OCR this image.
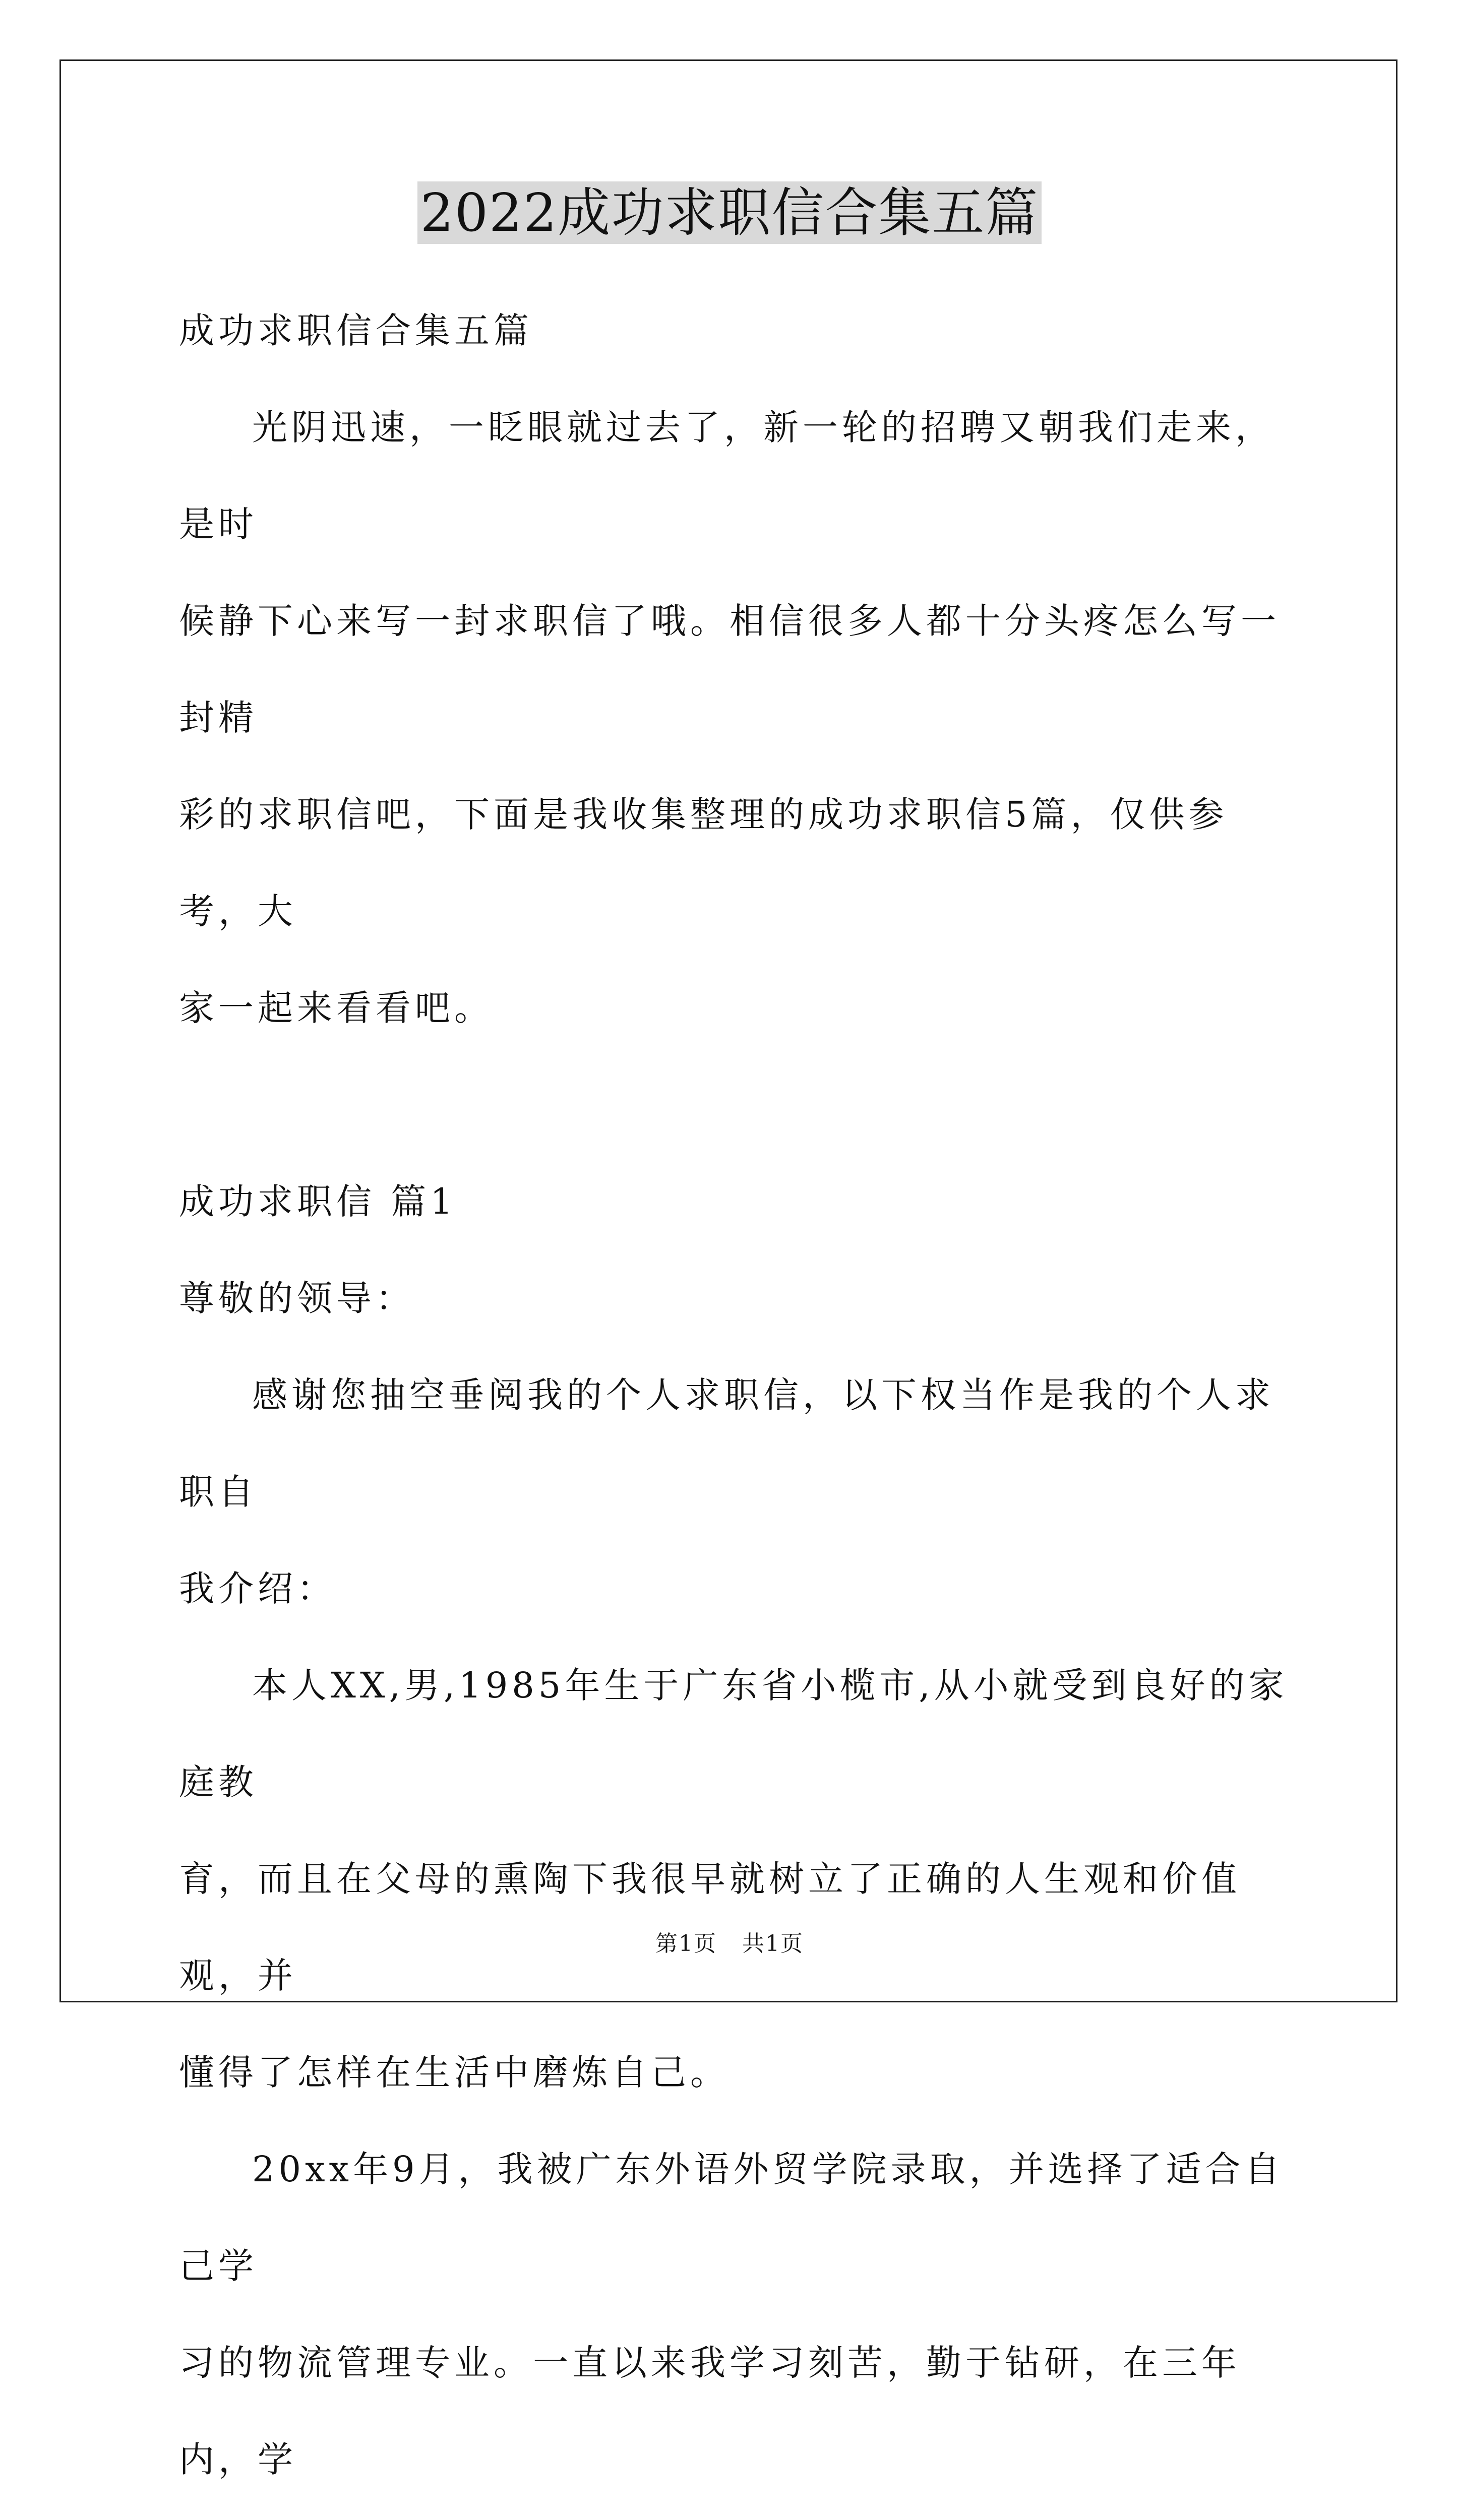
2022成功求职信合集五篇

成功求职信合集五篇

光阴迅速，一眨眼就过去了，新一轮的招聘又朝我们走来，是时

候静下心来写一封求职信了哦。相信很多人都十分头疼怎么写一封精

彩的求职信吧，下面是我收集整理的成功求职信5篇，仅供参考，大

家一起来看看吧。

成功求职信 篇1

尊敬的领导：

感谢您抽空垂阅我的个人求职信，以下权当作是我的个人求职自

我介绍：

本人XX,男,1985年生于广东省小榄市,从小就受到良好的家庭教

育，而且在父母的熏陶下我很早就树立了正确的人生观和价值观，并

懂得了怎样在生活中磨炼自己。

20xx年9月，我被广东外语外贸学院录取，并选择了适合自己学

习的物流管理专业。一直以来我学习刻苦，勤于钻研，在三年内，学

第1页 共1页
